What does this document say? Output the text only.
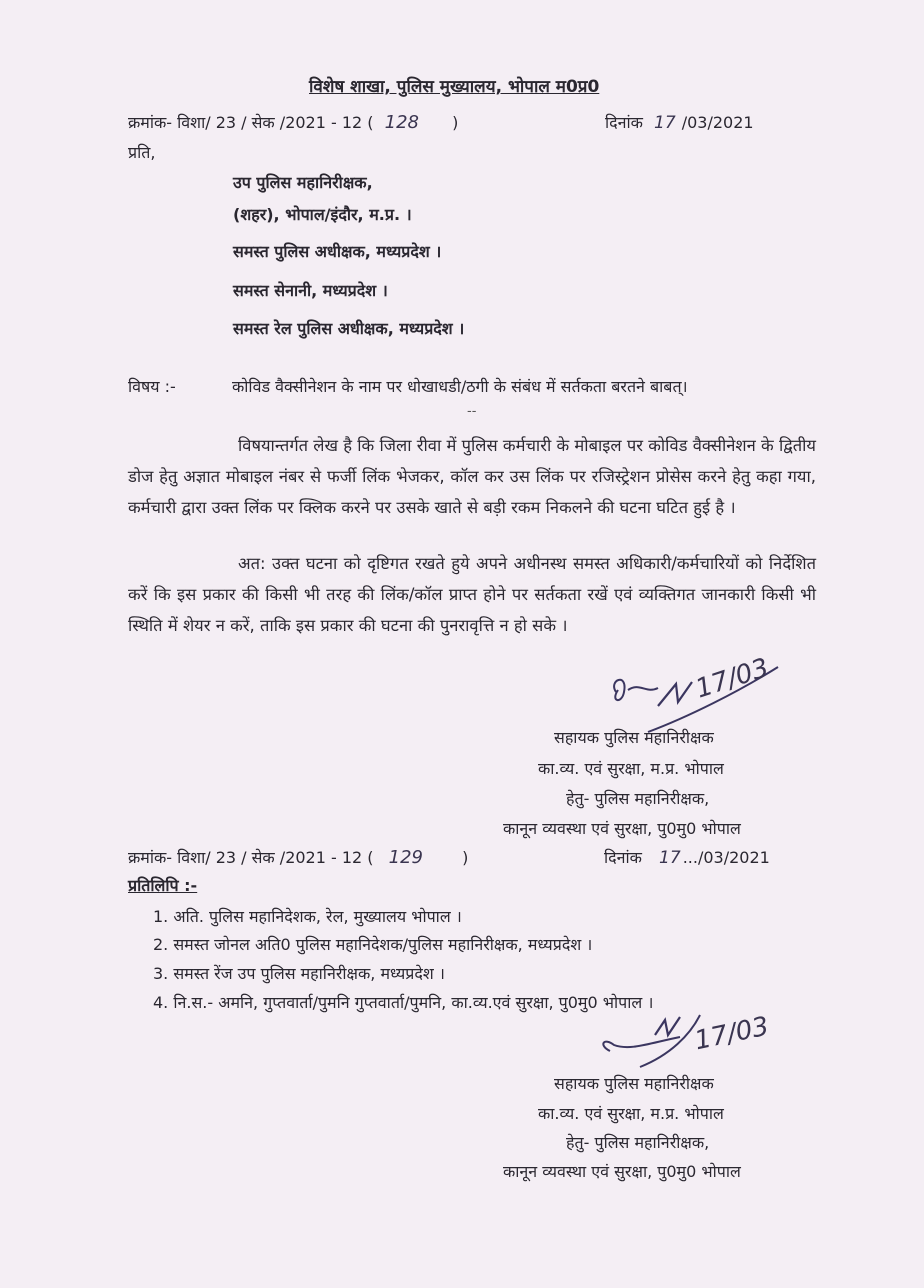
विशेष शाखा, पुलिस मुख्यालय, भोपाल म0प्र0
क्रमांक- विशा/ 23 / सेक /2021 - 12 ( 128 )	दिनांक 17 /03/2021
प्रति,
उप पुलिस महानिरीक्षक,
(शहर), भोपाल/इंदौर, म.प्र. ।
समस्त पुलिस अधीक्षक, मध्यप्रदेश ।
समस्त सेनानी, मध्यप्रदेश ।
समस्त रेल पुलिस अधीक्षक, मध्यप्रदेश ।
विषय :-	कोविड वैक्सीनेशन के नाम पर धोखाधडी/ठगी के संबंध में सर्तकता बरतने बाबत्।
--
विषयान्तर्गत लेख है कि जिला रीवा में पुलिस कर्मचारी के मोबाइल पर कोविड वैक्सीनेशन के द्वितीय डोज हेतु अज्ञात मोबाइल नंबर से फर्जी लिंक भेजकर, कॉल कर उस लिंक पर रजिस्ट्रेशन प्रोसेस करने हेतु कहा गया, कर्मचारी द्वारा उक्त लिंक पर क्लिक करने पर उसके खाते से बड़ी रकम निकलने की घटना घटित हुई है ।
अत: उक्त घटना को दृष्टिगत रखते हुये अपने अधीनस्थ समस्त अधिकारी/कर्मचारियों को निर्देशित करें कि इस प्रकार की किसी भी तरह की लिंक/कॉल प्राप्त होने पर सर्तकता रखें एवं व्यक्तिगत जानकारी किसी भी स्थिति में शेयर न करें, ताकि इस प्रकार की घटना की पुनरावृत्ति न हो सके ।
17/03
सहायक पुलिस महानिरीक्षक
का.व्य. एवं सुरक्षा, म.प्र. भोपाल
हेतु- पुलिस महानिरीक्षक,
कानून व्यवस्था एवं सुरक्षा, पु0मु0 भोपाल
क्रमांक- विशा/ 23 / सेक /2021 - 12 ( 129 )	दिनांक 17 .../03/2021
प्रतिलिपि :-
1. अति. पुलिस महानिदेशक, रेल, मुख्यालय भोपाल ।
2. समस्त जोनल अति0 पुलिस महानिदेशक/पुलिस महानिरीक्षक, मध्यप्रदेश ।
3. समस्त रेंज उप पुलिस महानिरीक्षक, मध्यप्रदेश ।
4. नि.स.- अमनि, गुप्तवार्ता/पुमनि गुप्तवार्ता/पुमनि, का.व्य.एवं सुरक्षा, पु0मु0 भोपाल ।
17/03
सहायक पुलिस महानिरीक्षक
का.व्य. एवं सुरक्षा, म.प्र. भोपाल
हेतु- पुलिस महानिरीक्षक,
कानून व्यवस्था एवं सुरक्षा, पु0मु0 भोपाल
